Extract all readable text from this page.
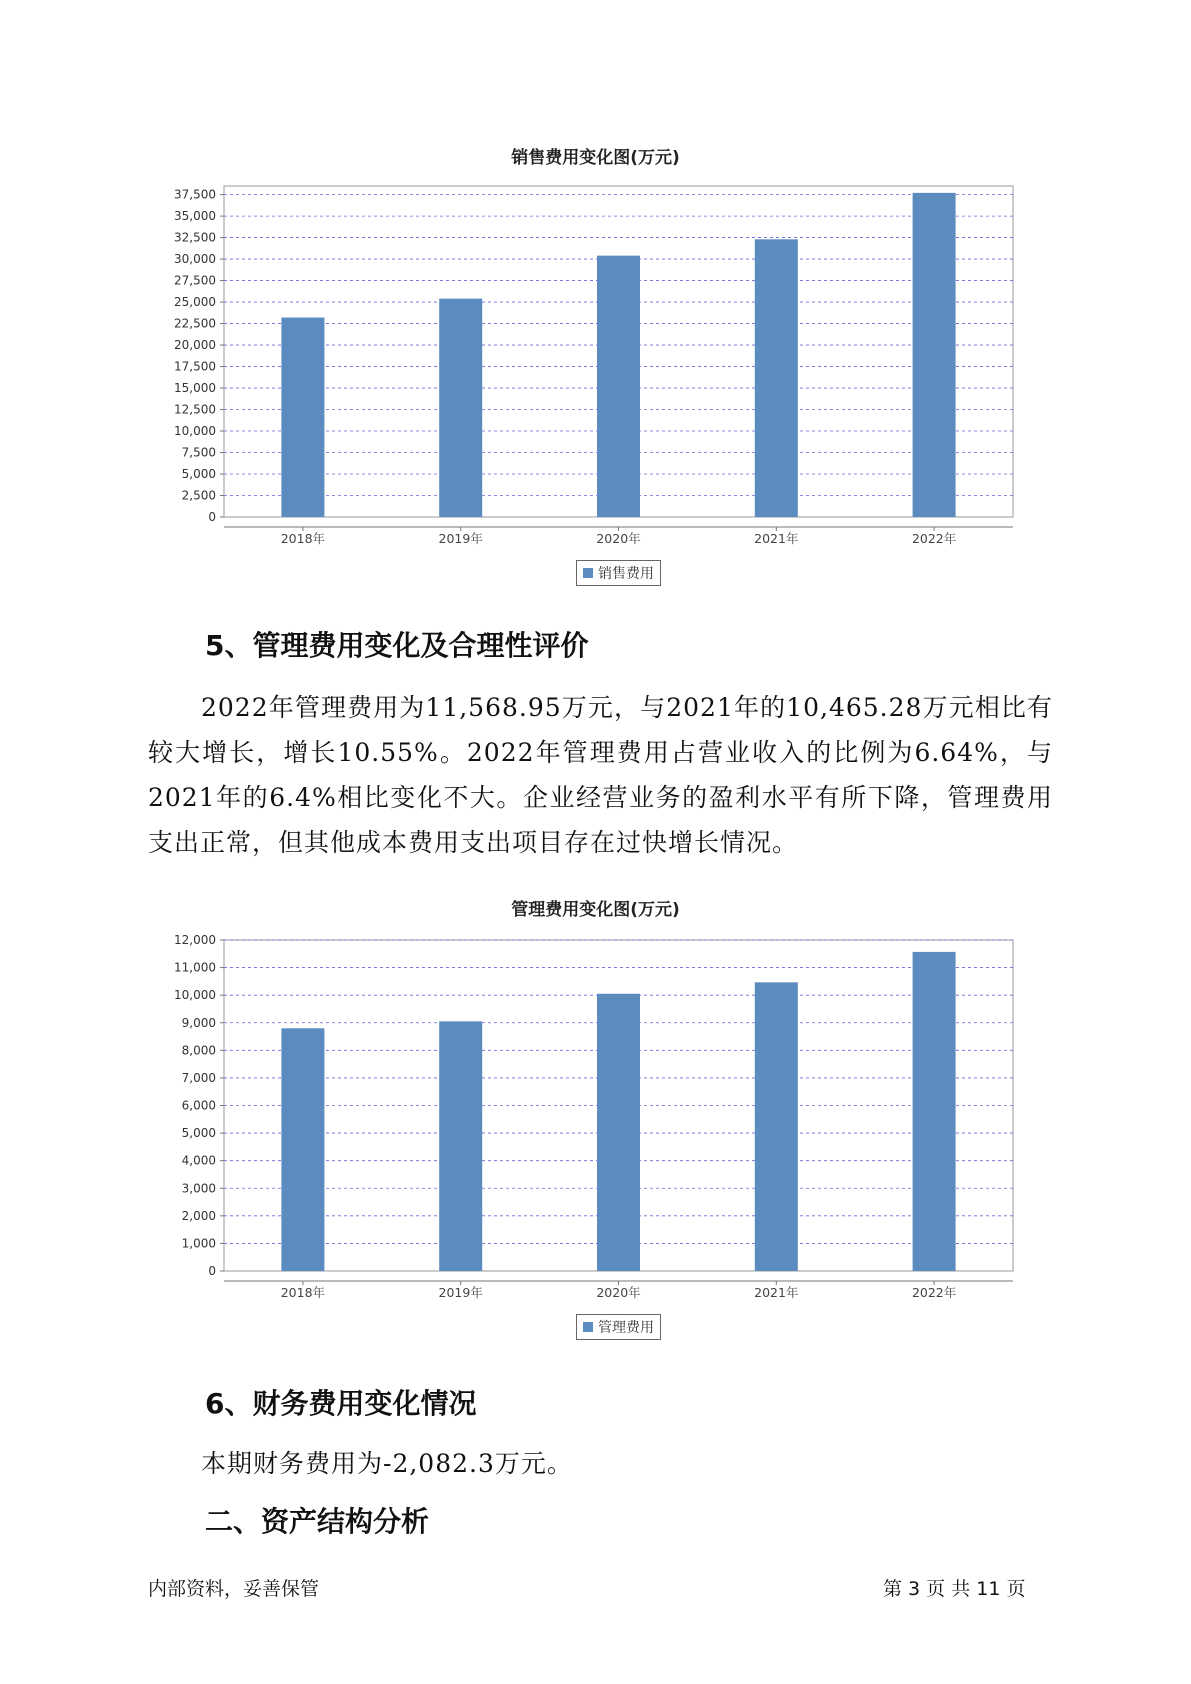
销售费用变化图(万元)
0
2,500
5,000
7,500
10,000
12,500
15,000
17,500
20,000
22,500
25,000
27,500
30,000
32,500
35,000
37,500
2018年	2019年	2020年	2021年	2022年
销售费用
5、管理费用变化及合理性评价
2022年管理费用为11,568.95万元，与2021年的10,465.28万元相比有较大增长，增长10.55%。2022年管理费用占营业收入的比例为6.64%，与2021年的6.4%相比变化不大。企业经营业务的盈利水平有所下降，管理费用支出正常，但其他成本费用支出项目存在过快增长情况。
管理费用变化图(万元)
0
1,000
2,000
3,000
4,000
5,000
6,000
7,000
8,000
9,000
10,000
11,000
12,000
2018年	2019年	2020年	2021年	2022年
管理费用
6、财务费用变化情况
本期财务费用为-2,082.3万元。
二、资产结构分析
内部资料，妥善保管	第 3 页 共 11 页
